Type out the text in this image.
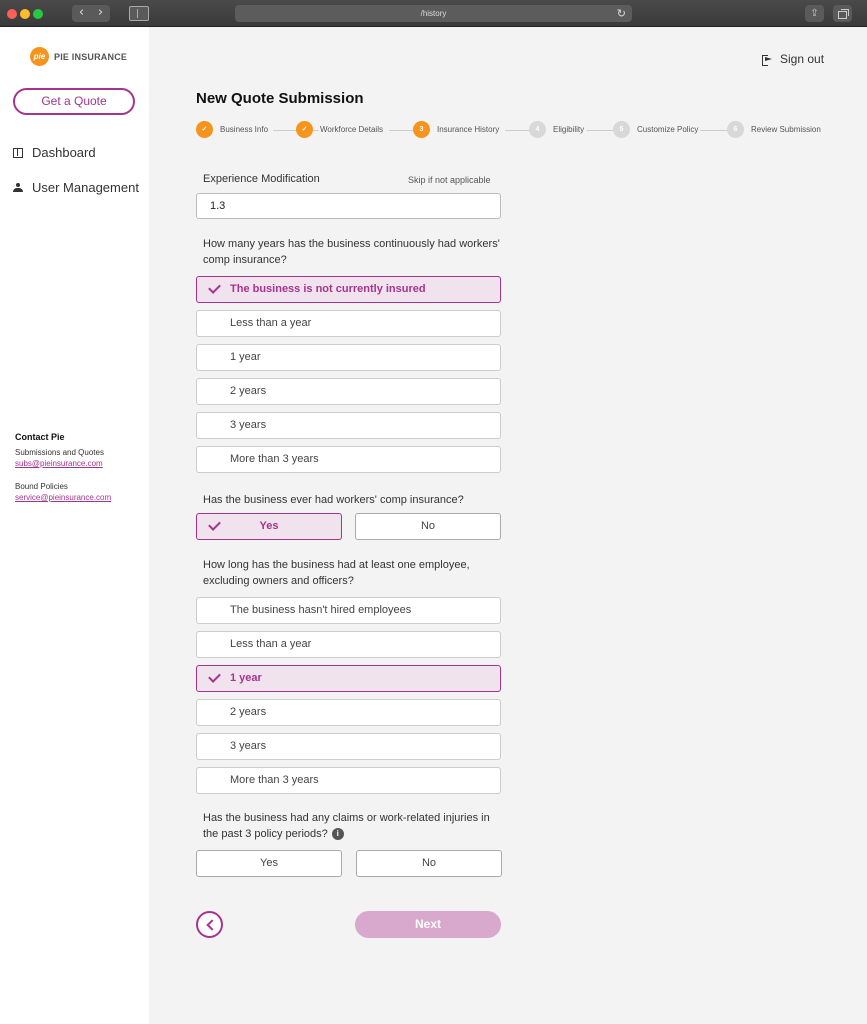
‹	›	/history	↻	⇪
pie PIE INSURANCE
Get a Quote
Dashboard
User Management
Contact Pie
Submissions and Quotes
subs@pieinsurance.com
Bound Policies
service@pieinsurance.com
Sign out
New Quote Submission
✓	Business Info	✓	Workforce Details	3	Insurance History	4	Eligibility	5	Customize Policy	6	Review Submission
Experience Modification	Skip if not applicable
1.3
How many years has the business continuously had workers' comp insurance?
The business is not currently insured
Less than a year
1 year
2 years
3 years
More than 3 years
Has the business ever had workers' comp insurance?
Yes	No
How long has the business had at least one employee, excluding owners and officers?
The business hasn't hired employees
Less than a year
1 year
2 years
3 years
More than 3 years
Has the business had any claims or work-related injuries in the past 3 policy periods? i
Yes	No
Next
